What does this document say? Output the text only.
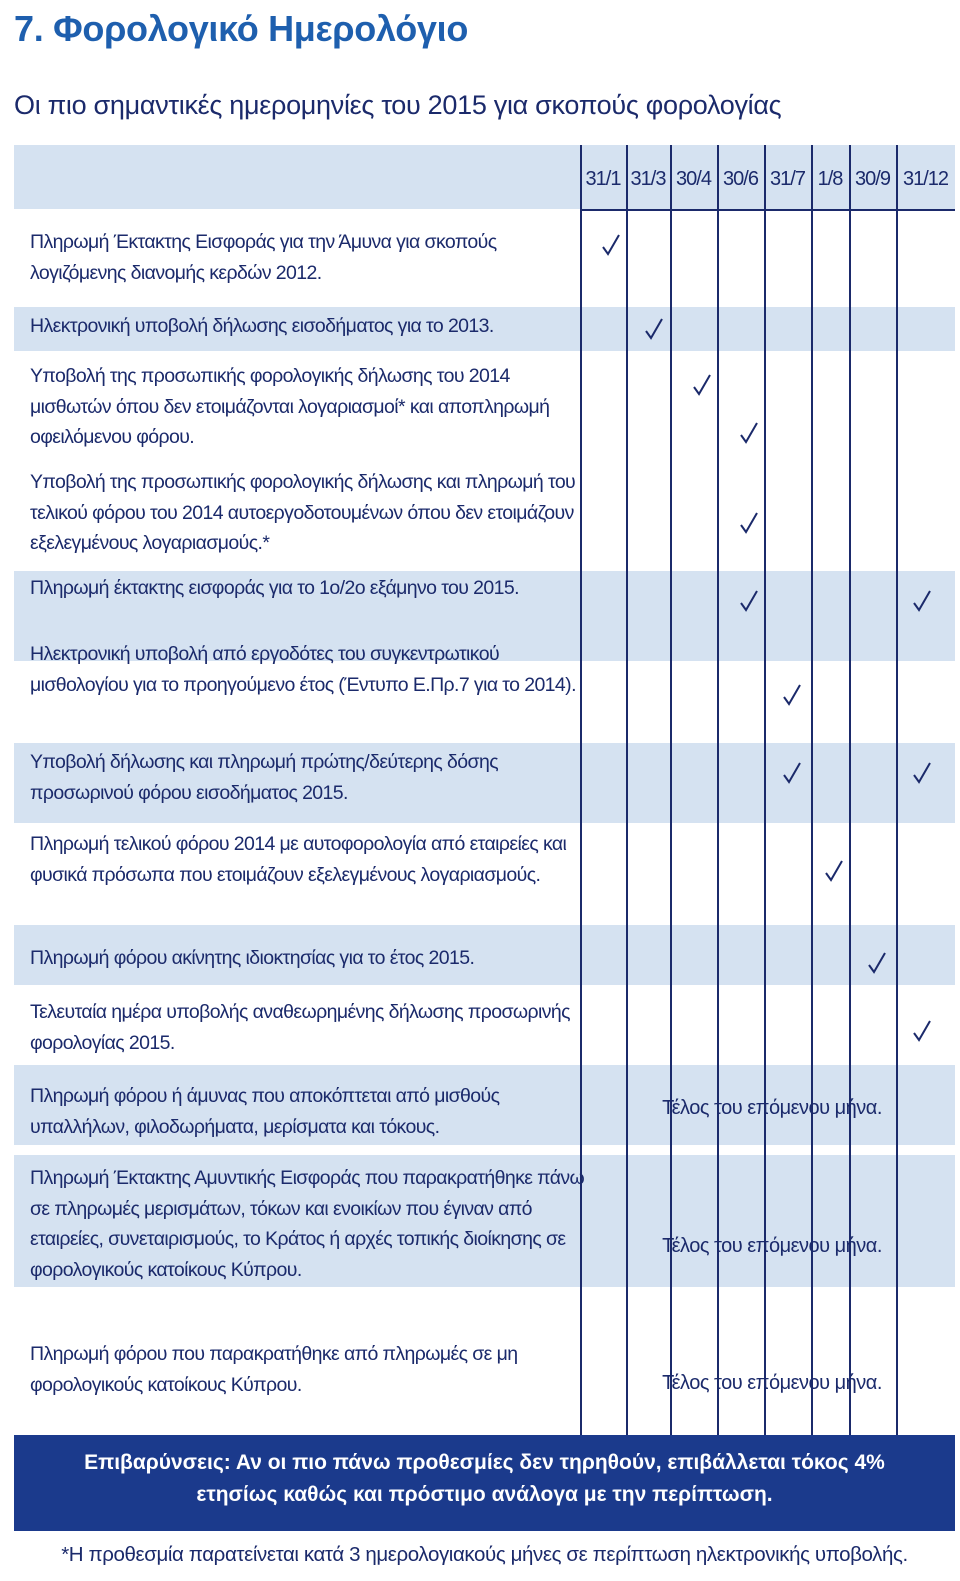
7. Φορολογικό Ημερολόγιο
Οι πιο σημαντικές ημερομηνίες του 2015 για σκοπούς φορολογίας
31/1 31/3 30/4 30/6 31/7 1/8 30/9 31/12
Πληρωμή Έκτακτης Εισφοράς για την Άμυνα για σκοπούς λογιζόμενης διανομής κερδών 2012.
Ηλεκτρονική υποβολή δήλωσης εισοδήματος για το 2013.
Υποβολή της προσωπικής φορολογικής δήλωσης του 2014 μισθωτών όπου δεν ετοιμάζονται λογαριασμοί* και αποπληρωμή οφειλόμενου φόρου.
Υποβολή της προσωπικής φορολογικής δήλωσης και πληρωμή του τελικού φόρου του 2014 αυτοεργοδοτουμένων όπου δεν ετοιμάζουν εξελεγμένους λογαριασμούς.*
Πληρωμή έκτακτης εισφοράς για το 1ο/2ο εξάμηνο του 2015.
Ηλεκτρονική υποβολή από εργοδότες του συγκεντρωτικού μισθολογίου για το προηγούμενο έτος (Έντυπο Ε.Πρ.7 για το 2014).
Υποβολή δήλωσης και πληρωμή πρώτης/δεύτερης δόσης προσωρινού φόρου εισοδήματος 2015.
Πληρωμή τελικού φόρου 2014 με αυτοφορολογία από εταιρείες και φυσικά πρόσωπα που ετοιμάζουν εξελεγμένους λογαριασμούς.
Πληρωμή φόρου ακίνητης ιδιοκτησίας για το έτος 2015.
Τελευταία ημέρα υποβολής αναθεωρημένης δήλωσης προσωρινής φορολογίας 2015.
Πληρωμή φόρου ή άμυνας που αποκόπτεται από μισθούς υπαλλήλων, φιλοδωρήματα, μερίσματα και τόκους.
Πληρωμή Έκτακτης Αμυντικής Εισφοράς που παρακρατήθηκε πάνω σε πληρωμές μερισμάτων, τόκων και ενοικίων που έγιναν από εταιρείες, συνεταιρισμούς, το Κράτος ή αρχές τοπικής διοίκησης σε φορολογικούς κατοίκους Κύπρου.
Πληρωμή φόρου που παρακρατήθηκε από πληρωμές σε μη φορολογικούς κατοίκους Κύπρου.
Τέλος του επόμενου μήνα.
Τέλος του επόμενου μήνα.
Τέλος του επόμενου μήνα.
Επιβαρύνσεις: Αν οι πιο πάνω προθεσμίες δεν τηρηθούν, επιβάλλεται τόκος 4%
ετησίως καθώς και πρόστιμο ανάλογα με την περίπτωση.
*Η προθεσμία παρατείνεται κατά 3 ημερολογιακούς μήνες σε περίπτωση ηλεκτρονικής υποβολής.
